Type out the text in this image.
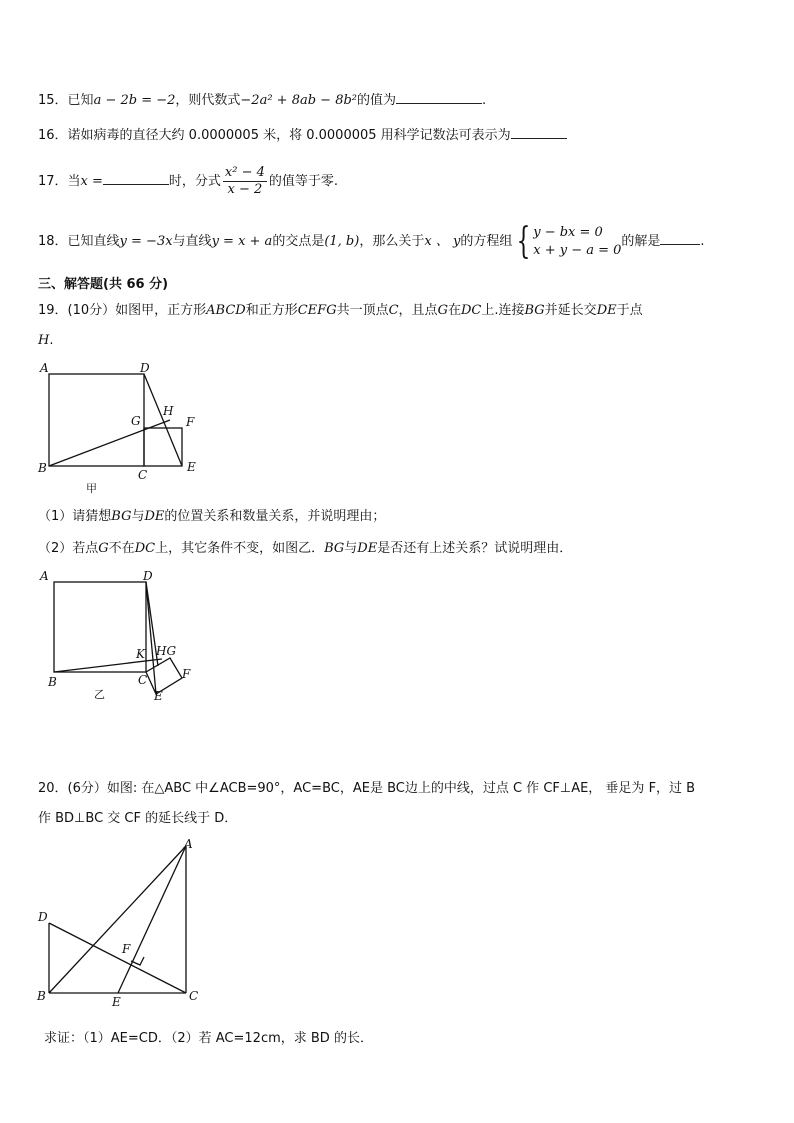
15．已知a − 2b = −2，则代数式−2a² + 8ab − 8b²的值为	.
16．诺如病毒的直径大约 0.0000005 米，将 0.0000005 用科学记数法可表示为
17．当x =	时，分式 $\frac{\text{x² − 4}}{x - 2}$ 的值等于零.
18．已知直线y = −3x与直线y = x + a的交点是(1, b)，那么关于x 、 y的方程组 { y − bx = 0
x + y − a = 0
的解是	.
三、解答题(共 66 分)
19．(10分）如图甲，正方形ABCD和正方形CEFG共一顶点C，且点G在DC上.连接BG并延长交DE于点
H.
A	D
H
G	F
B	C
E
甲
（1）请猜想BG与DE的位置关系和数量关系，并说明理由；
（2）若点G不在DC上，其它条件不变，如图乙．BG与DE是否还有上述关系？试说明理由．
A	D
K HG
F
B	C
E
乙
20．(6分）如图: 在△ABC 中∠ACB=90°，AC=BC，AE是 BC边上的中线，过点 C 作 CF⊥AE， 垂足为 F，过 B
作 BD⊥BC 交 CF 的延长线于 D．
A
D
F
B	E	C
求证：（1）AE=CD．（2）若 AC=12cm，求 BD 的长．
